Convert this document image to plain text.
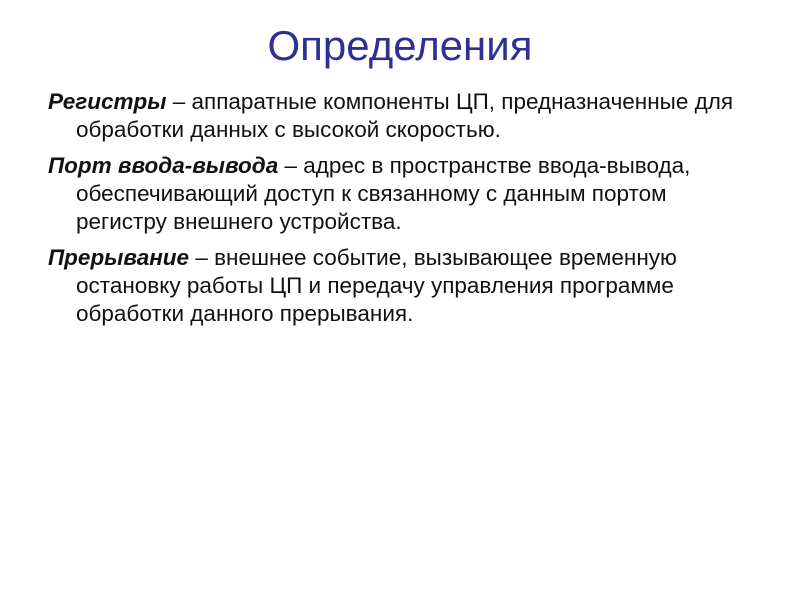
Определения

Регистры – аппаратные компоненты ЦП, предназначенные для обработки данных с высокой скоростью.

Порт ввода-вывода – адрес в пространстве ввода-вывода, обеспечивающий доступ к связанному с данным портом регистру внешнего устройства.

Прерывание – внешнее событие, вызывающее временную остановку работы ЦП и передачу управления программе обработки данного прерывания.
